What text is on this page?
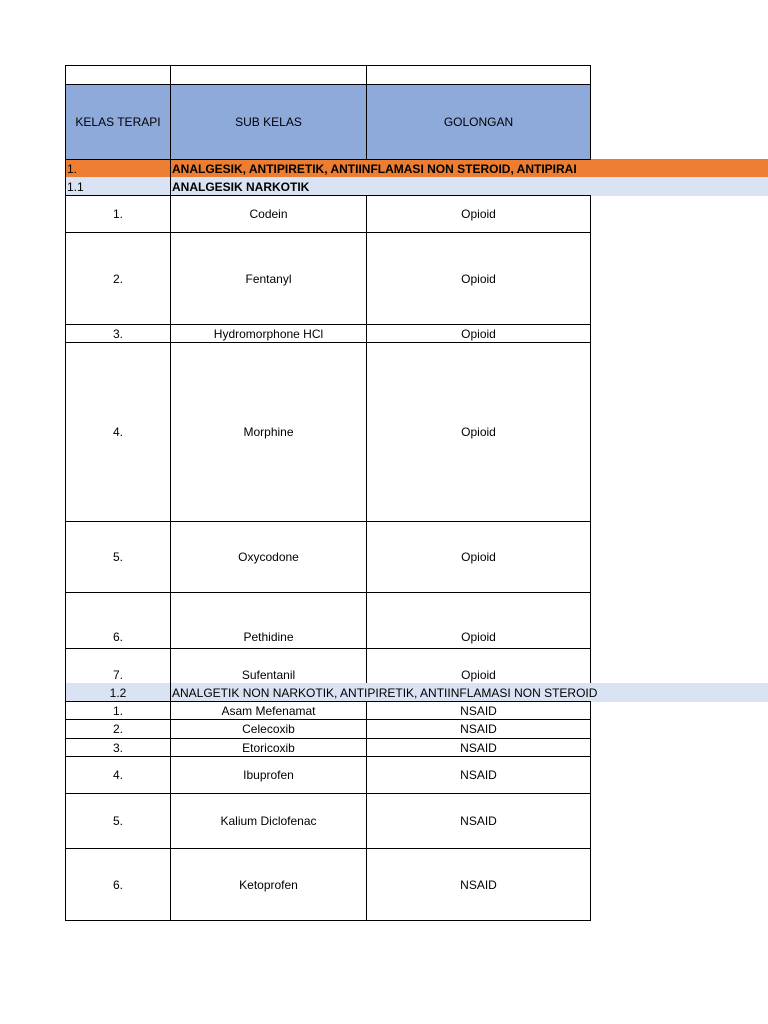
KELAS TERAPI	SUB KELAS	GOLONGAN
1.	ANALGESIK, ANTIPIRETIK, ANTIINFLAMASI NON STEROID, ANTIPIRAI
1.1	ANALGESIK NARKOTIK
1.	Codein	Opioid
2.	Fentanyl	Opioid
3.	Hydromorphone HCl	Opioid
4.	Morphine	Opioid
5.	Oxycodone	Opioid
6.	Pethidine	Opioid
7.	Sufentanil	Opioid
1.2	ANALGETIK NON NARKOTIK, ANTIPIRETIK, ANTIINFLAMASI NON STEROID
1.	Asam Mefenamat	NSAID
2.	Celecoxib	NSAID
3.	Etoricoxib	NSAID
4.	Ibuprofen	NSAID
5.	Kalium Diclofenac	NSAID
6.	Ketoprofen	NSAID
